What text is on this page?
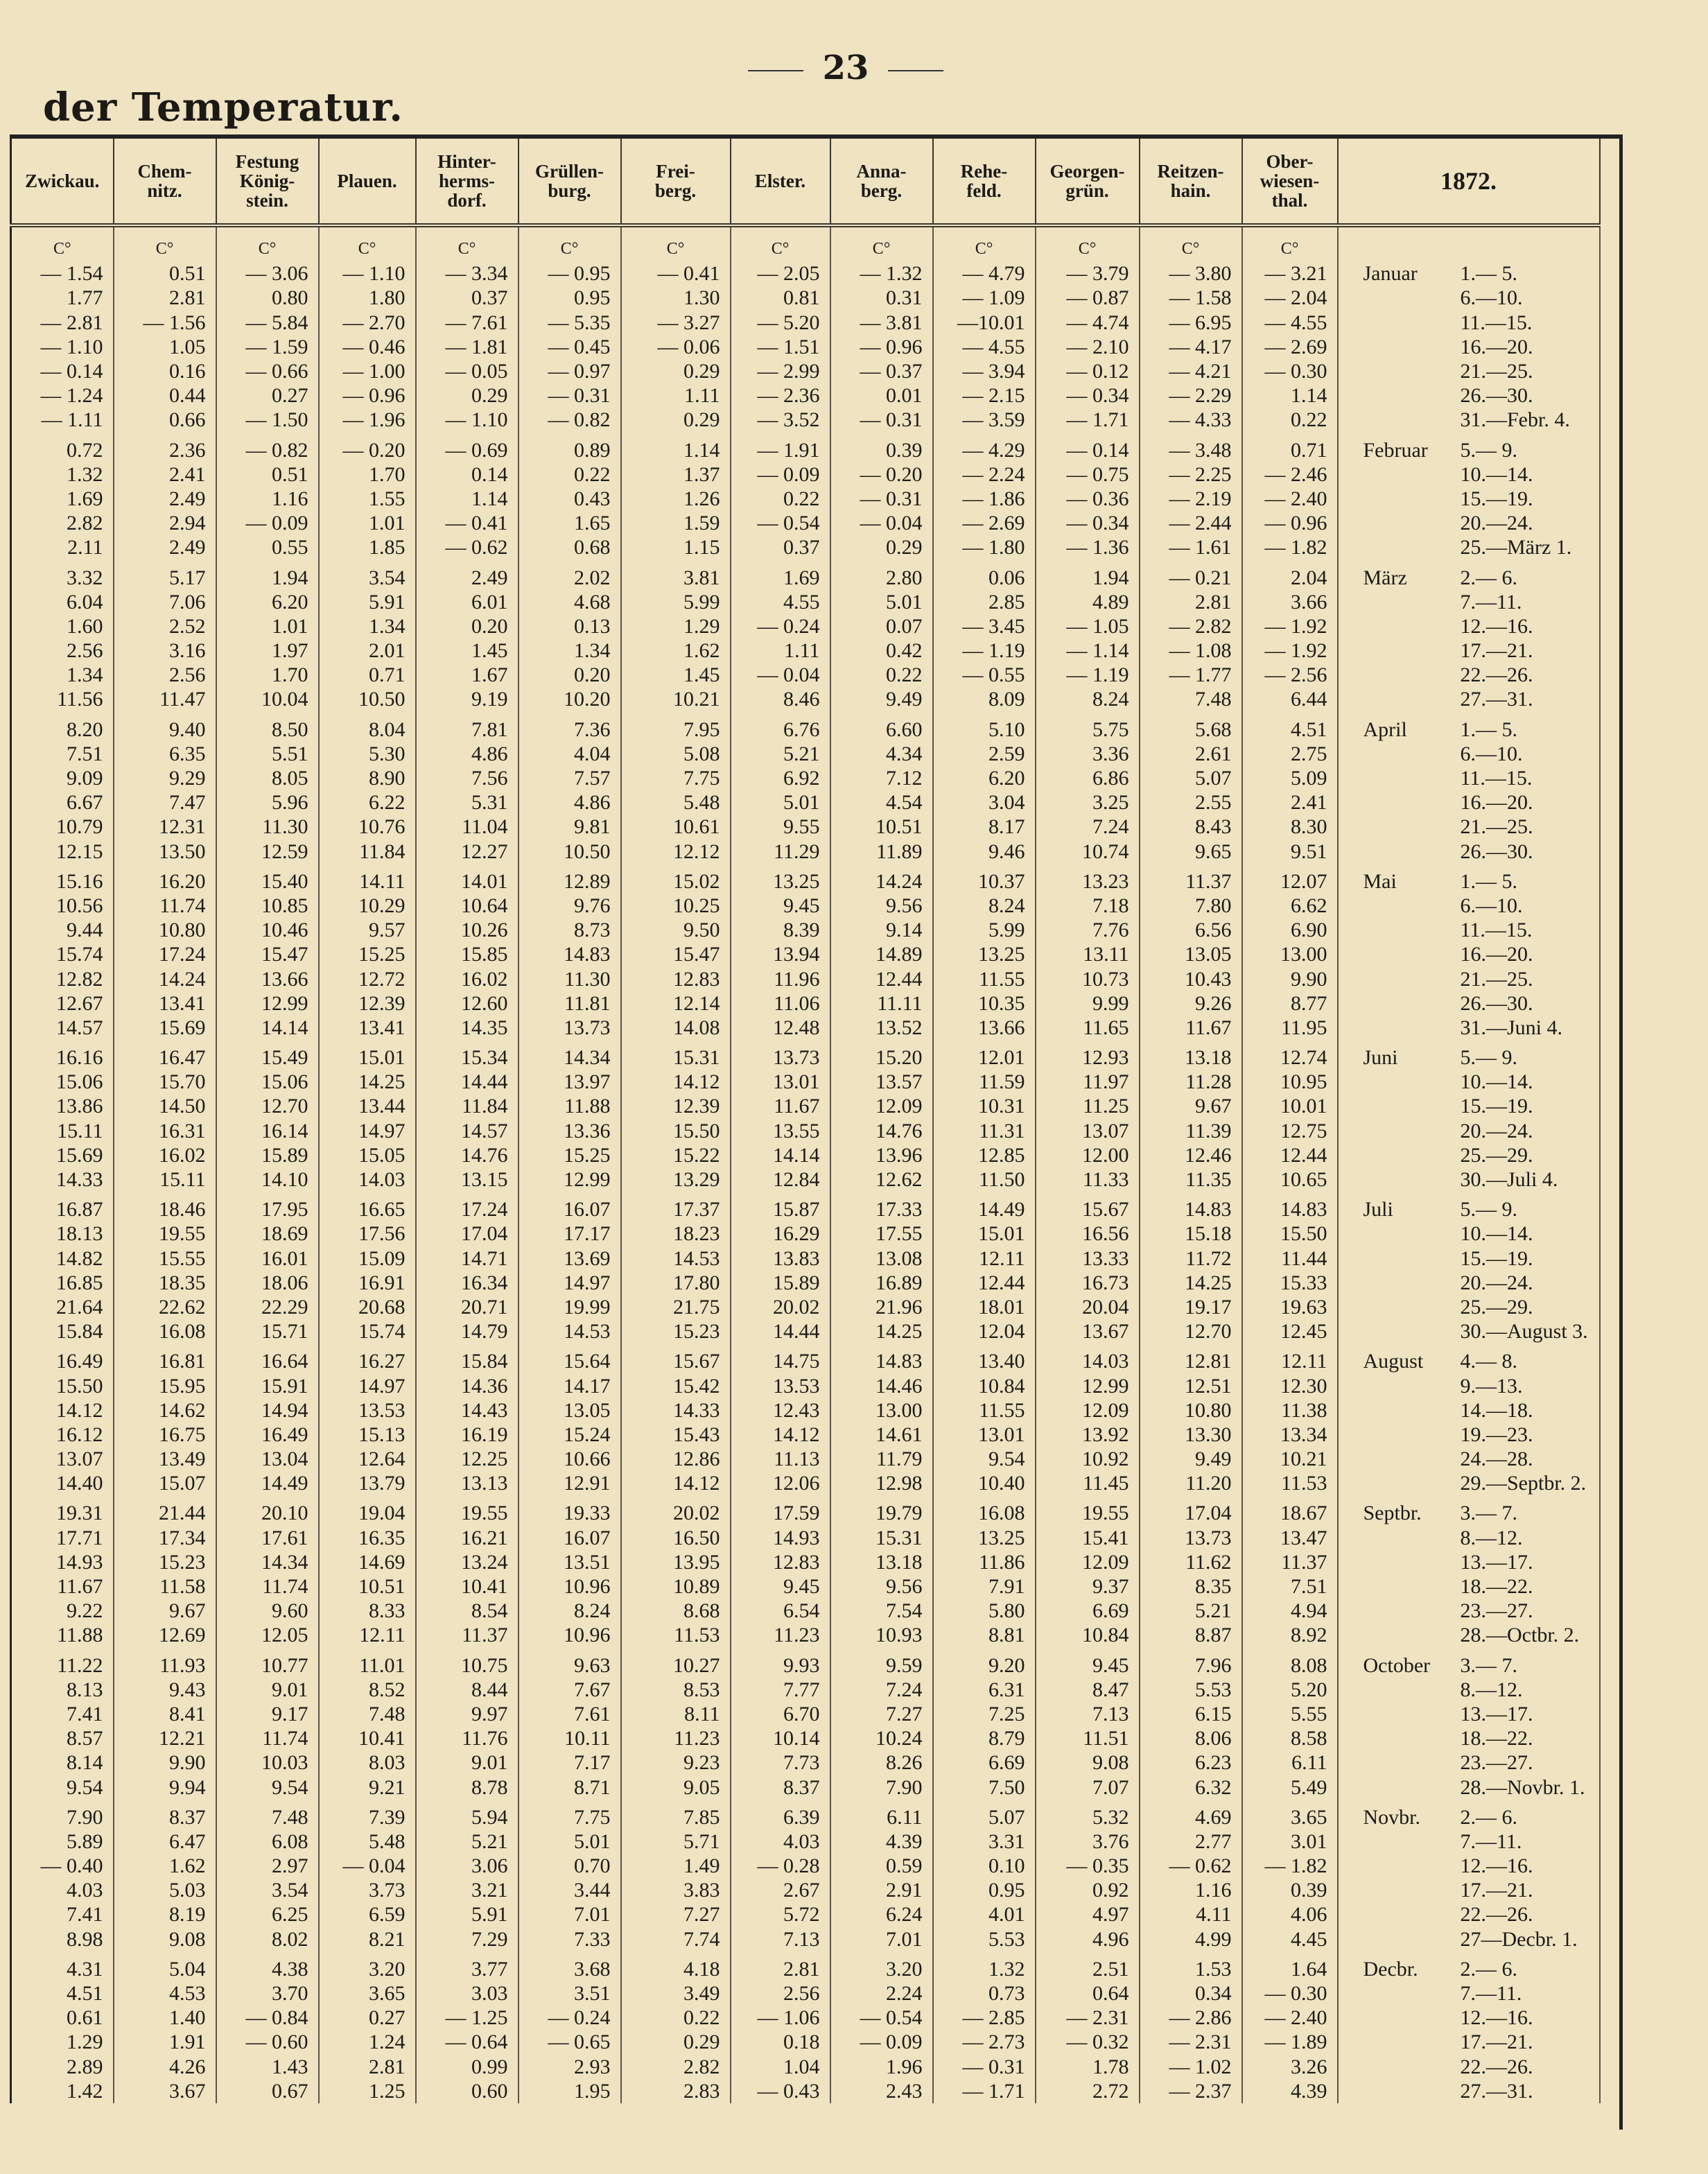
23
der Temperatur.
Zwickau.	Chem-
nitz.	Festung
König-
stein.	Plauen.	Hinter-
herms-
dorf.	Grüllen-
burg.	Frei-
berg.	Elster.	Anna-
berg.	Rehe-
feld.	Georgen-
grün.	Reitzen-
hain.	Ober-
wiesen-
thal.	1872.

C°	C°	C°	C°	C°	C°	C°	C°	C°	C°	C°	C°	C°	
— 1.54	0.51	— 3.06	— 1.10	— 3.34	— 0.95	— 0.41	— 2.05	— 1.32	— 4.79	— 3.79	— 3.80	— 3.21	Januar 1.— 5.
1.77	2.81	0.80	1.80	0.37	0.95	1.30	0.81	0.31	— 1.09	— 0.87	— 1.58	— 2.04	6.—10.
— 2.81	— 1.56	— 5.84	— 2.70	— 7.61	— 5.35	— 3.27	— 5.20	— 3.81	—10.01	— 4.74	— 6.95	— 4.55	11.—15.
— 1.10	1.05	— 1.59	— 0.46	— 1.81	— 0.45	— 0.06	— 1.51	— 0.96	— 4.55	— 2.10	— 4.17	— 2.69	16.—20.
— 0.14	0.16	— 0.66	— 1.00	— 0.05	— 0.97	0.29	— 2.99	— 0.37	— 3.94	— 0.12	— 4.21	— 0.30	21.—25.
— 1.24	0.44	0.27	— 0.96	0.29	— 0.31	1.11	— 2.36	0.01	— 2.15	— 0.34	— 2.29	1.14	26.—30.
— 1.11	0.66	— 1.50	— 1.96	— 1.10	— 0.82	0.29	— 3.52	— 0.31	— 3.59	— 1.71	— 4.33	0.22	31.—Febr. 4.

0.72	2.36	— 0.82	— 0.20	— 0.69	0.89	1.14	— 1.91	0.39	— 4.29	— 0.14	— 3.48	0.71	Februar 5.— 9.
1.32	2.41	0.51	1.70	0.14	0.22	1.37	— 0.09	— 0.20	— 2.24	— 0.75	— 2.25	— 2.46	10.—14.
1.69	2.49	1.16	1.55	1.14	0.43	1.26	0.22	— 0.31	— 1.86	— 0.36	— 2.19	— 2.40	15.—19.
2.82	2.94	— 0.09	1.01	— 0.41	1.65	1.59	— 0.54	— 0.04	— 2.69	— 0.34	— 2.44	— 0.96	20.—24.
2.11	2.49	0.55	1.85	— 0.62	0.68	1.15	0.37	0.29	— 1.80	— 1.36	— 1.61	— 1.82	25.—März 1.

3.32	5.17	1.94	3.54	2.49	2.02	3.81	1.69	2.80	0.06	1.94	— 0.21	2.04	März 2.— 6.
6.04	7.06	6.20	5.91	6.01	4.68	5.99	4.55	5.01	2.85	4.89	2.81	3.66	7.—11.
1.60	2.52	1.01	1.34	0.20	0.13	1.29	— 0.24	0.07	— 3.45	— 1.05	— 2.82	— 1.92	12.—16.
2.56	3.16	1.97	2.01	1.45	1.34	1.62	1.11	0.42	— 1.19	— 1.14	— 1.08	— 1.92	17.—21.
1.34	2.56	1.70	0.71	1.67	0.20	1.45	— 0.04	0.22	— 0.55	— 1.19	— 1.77	— 2.56	22.—26.
11.56	11.47	10.04	10.50	9.19	10.20	10.21	8.46	9.49	8.09	8.24	7.48	6.44	27.—31.

8.20	9.40	8.50	8.04	7.81	7.36	7.95	6.76	6.60	5.10	5.75	5.68	4.51	April 1.— 5.
7.51	6.35	5.51	5.30	4.86	4.04	5.08	5.21	4.34	2.59	3.36	2.61	2.75	6.—10.
9.09	9.29	8.05	8.90	7.56	7.57	7.75	6.92	7.12	6.20	6.86	5.07	5.09	11.—15.
6.67	7.47	5.96	6.22	5.31	4.86	5.48	5.01	4.54	3.04	3.25	2.55	2.41	16.—20.
10.79	12.31	11.30	10.76	11.04	9.81	10.61	9.55	10.51	8.17	7.24	8.43	8.30	21.—25.
12.15	13.50	12.59	11.84	12.27	10.50	12.12	11.29	11.89	9.46	10.74	9.65	9.51	26.—30.

15.16	16.20	15.40	14.11	14.01	12.89	15.02	13.25	14.24	10.37	13.23	11.37	12.07	Mai 1.— 5.
10.56	11.74	10.85	10.29	10.64	9.76	10.25	9.45	9.56	8.24	7.18	7.80	6.62	6.—10.
9.44	10.80	10.46	9.57	10.26	8.73	9.50	8.39	9.14	5.99	7.76	6.56	6.90	11.—15.
15.74	17.24	15.47	15.25	15.85	14.83	15.47	13.94	14.89	13.25	13.11	13.05	13.00	16.—20.
12.82	14.24	13.66	12.72	16.02	11.30	12.83	11.96	12.44	11.55	10.73	10.43	9.90	21.—25.
12.67	13.41	12.99	12.39	12.60	11.81	12.14	11.06	11.11	10.35	9.99	9.26	8.77	26.—30.
14.57	15.69	14.14	13.41	14.35	13.73	14.08	12.48	13.52	13.66	11.65	11.67	11.95	31.—Juni 4.

16.16	16.47	15.49	15.01	15.34	14.34	15.31	13.73	15.20	12.01	12.93	13.18	12.74	Juni 5.— 9.
15.06	15.70	15.06	14.25	14.44	13.97	14.12	13.01	13.57	11.59	11.97	11.28	10.95	10.—14.
13.86	14.50	12.70	13.44	11.84	11.88	12.39	11.67	12.09	10.31	11.25	9.67	10.01	15.—19.
15.11	16.31	16.14	14.97	14.57	13.36	15.50	13.55	14.76	11.31	13.07	11.39	12.75	20.—24.
15.69	16.02	15.89	15.05	14.76	15.25	15.22	14.14	13.96	12.85	12.00	12.46	12.44	25.—29.
14.33	15.11	14.10	14.03	13.15	12.99	13.29	12.84	12.62	11.50	11.33	11.35	10.65	30.—Juli 4.

16.87	18.46	17.95	16.65	17.24	16.07	17.37	15.87	17.33	14.49	15.67	14.83	14.83	Juli 5.— 9.
18.13	19.55	18.69	17.56	17.04	17.17	18.23	16.29	17.55	15.01	16.56	15.18	15.50	10.—14.
14.82	15.55	16.01	15.09	14.71	13.69	14.53	13.83	13.08	12.11	13.33	11.72	11.44	15.—19.
16.85	18.35	18.06	16.91	16.34	14.97	17.80	15.89	16.89	12.44	16.73	14.25	15.33	20.—24.
21.64	22.62	22.29	20.68	20.71	19.99	21.75	20.02	21.96	18.01	20.04	19.17	19.63	25.—29.
15.84	16.08	15.71	15.74	14.79	14.53	15.23	14.44	14.25	12.04	13.67	12.70	12.45	30.—August 3.

16.49	16.81	16.64	16.27	15.84	15.64	15.67	14.75	14.83	13.40	14.03	12.81	12.11	August 4.— 8.
15.50	15.95	15.91	14.97	14.36	14.17	15.42	13.53	14.46	10.84	12.99	12.51	12.30	9.—13.
14.12	14.62	14.94	13.53	14.43	13.05	14.33	12.43	13.00	11.55	12.09	10.80	11.38	14.—18.
16.12	16.75	16.49	15.13	16.19	15.24	15.43	14.12	14.61	13.01	13.92	13.30	13.34	19.—23.
13.07	13.49	13.04	12.64	12.25	10.66	12.86	11.13	11.79	9.54	10.92	9.49	10.21	24.—28.
14.40	15.07	14.49	13.79	13.13	12.91	14.12	12.06	12.98	10.40	11.45	11.20	11.53	29.—Septbr. 2.

19.31	21.44	20.10	19.04	19.55	19.33	20.02	17.59	19.79	16.08	19.55	17.04	18.67	Septbr. 3.— 7.
17.71	17.34	17.61	16.35	16.21	16.07	16.50	14.93	15.31	13.25	15.41	13.73	13.47	8.—12.
14.93	15.23	14.34	14.69	13.24	13.51	13.95	12.83	13.18	11.86	12.09	11.62	11.37	13.—17.
11.67	11.58	11.74	10.51	10.41	10.96	10.89	9.45	9.56	7.91	9.37	8.35	7.51	18.—22.
9.22	9.67	9.60	8.33	8.54	8.24	8.68	6.54	7.54	5.80	6.69	5.21	4.94	23.—27.
11.88	12.69	12.05	12.11	11.37	10.96	11.53	11.23	10.93	8.81	10.84	8.87	8.92	28.—Octbr. 2.

11.22	11.93	10.77	11.01	10.75	9.63	10.27	9.93	9.59	9.20	9.45	7.96	8.08	October 3.— 7.
8.13	9.43	9.01	8.52	8.44	7.67	8.53	7.77	7.24	6.31	8.47	5.53	5.20	8.—12.
7.41	8.41	9.17	7.48	9.97	7.61	8.11	6.70	7.27	7.25	7.13	6.15	5.55	13.—17.
8.57	12.21	11.74	10.41	11.76	10.11	11.23	10.14	10.24	8.79	11.51	8.06	8.58	18.—22.
8.14	9.90	10.03	8.03	9.01	7.17	9.23	7.73	8.26	6.69	9.08	6.23	6.11	23.—27.
9.54	9.94	9.54	9.21	8.78	8.71	9.05	8.37	7.90	7.50	7.07	6.32	5.49	28.—Novbr. 1.

7.90	8.37	7.48	7.39	5.94	7.75	7.85	6.39	6.11	5.07	5.32	4.69	3.65	Novbr. 2.— 6.
5.89	6.47	6.08	5.48	5.21	5.01	5.71	4.03	4.39	3.31	3.76	2.77	3.01	7.—11.
— 0.40	1.62	2.97	— 0.04	3.06	0.70	1.49	— 0.28	0.59	0.10	— 0.35	— 0.62	— 1.82	12.—16.
4.03	5.03	3.54	3.73	3.21	3.44	3.83	2.67	2.91	0.95	0.92	1.16	0.39	17.—21.
7.41	8.19	6.25	6.59	5.91	7.01	7.27	5.72	6.24	4.01	4.97	4.11	4.06	22.—26.
8.98	9.08	8.02	8.21	7.29	7.33	7.74	7.13	7.01	5.53	4.96	4.99	4.45	27—Decbr. 1.

4.31	5.04	4.38	3.20	3.77	3.68	4.18	2.81	3.20	1.32	2.51	1.53	1.64	Decbr. 2.— 6.
4.51	4.53	3.70	3.65	3.03	3.51	3.49	2.56	2.24	0.73	0.64	0.34	— 0.30	7.—11.
0.61	1.40	— 0.84	0.27	— 1.25	— 0.24	0.22	— 1.06	— 0.54	— 2.85	— 2.31	— 2.86	— 2.40	12.—16.
1.29	1.91	— 0.60	1.24	— 0.64	— 0.65	0.29	0.18	— 0.09	— 2.73	— 0.32	— 2.31	— 1.89	17.—21.
2.89	4.26	1.43	2.81	0.99	2.93	2.82	1.04	1.96	— 0.31	1.78	— 1.02	3.26	22.—26.
1.42	3.67	0.67	1.25	0.60	1.95	2.83	— 0.43	2.43	— 1.71	2.72	— 2.37	4.39	27.—31.
